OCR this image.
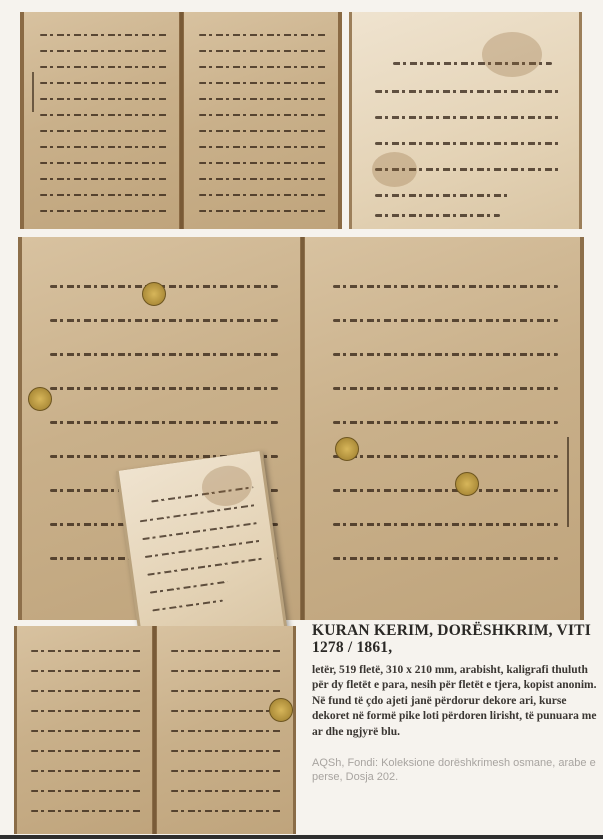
KURAN KERIM, DORËSHKRIM, VITI 1278 / 1861,

letër, 519 fletë, 310 x 210 mm, arabisht, kaligrafi thuluth për dy fletët e para, nesih për fletët e tjera, kopist anonim. Në fund të çdo ajeti janë përdorur dekore ari, kurse dekoret në formë pike loti përdoren lirisht, të punuara me ar dhe ngjyrë blu.

AQSh, Fondi: Koleksione dorëshkrimesh osmane, arabe e perse, Dosja 202.
